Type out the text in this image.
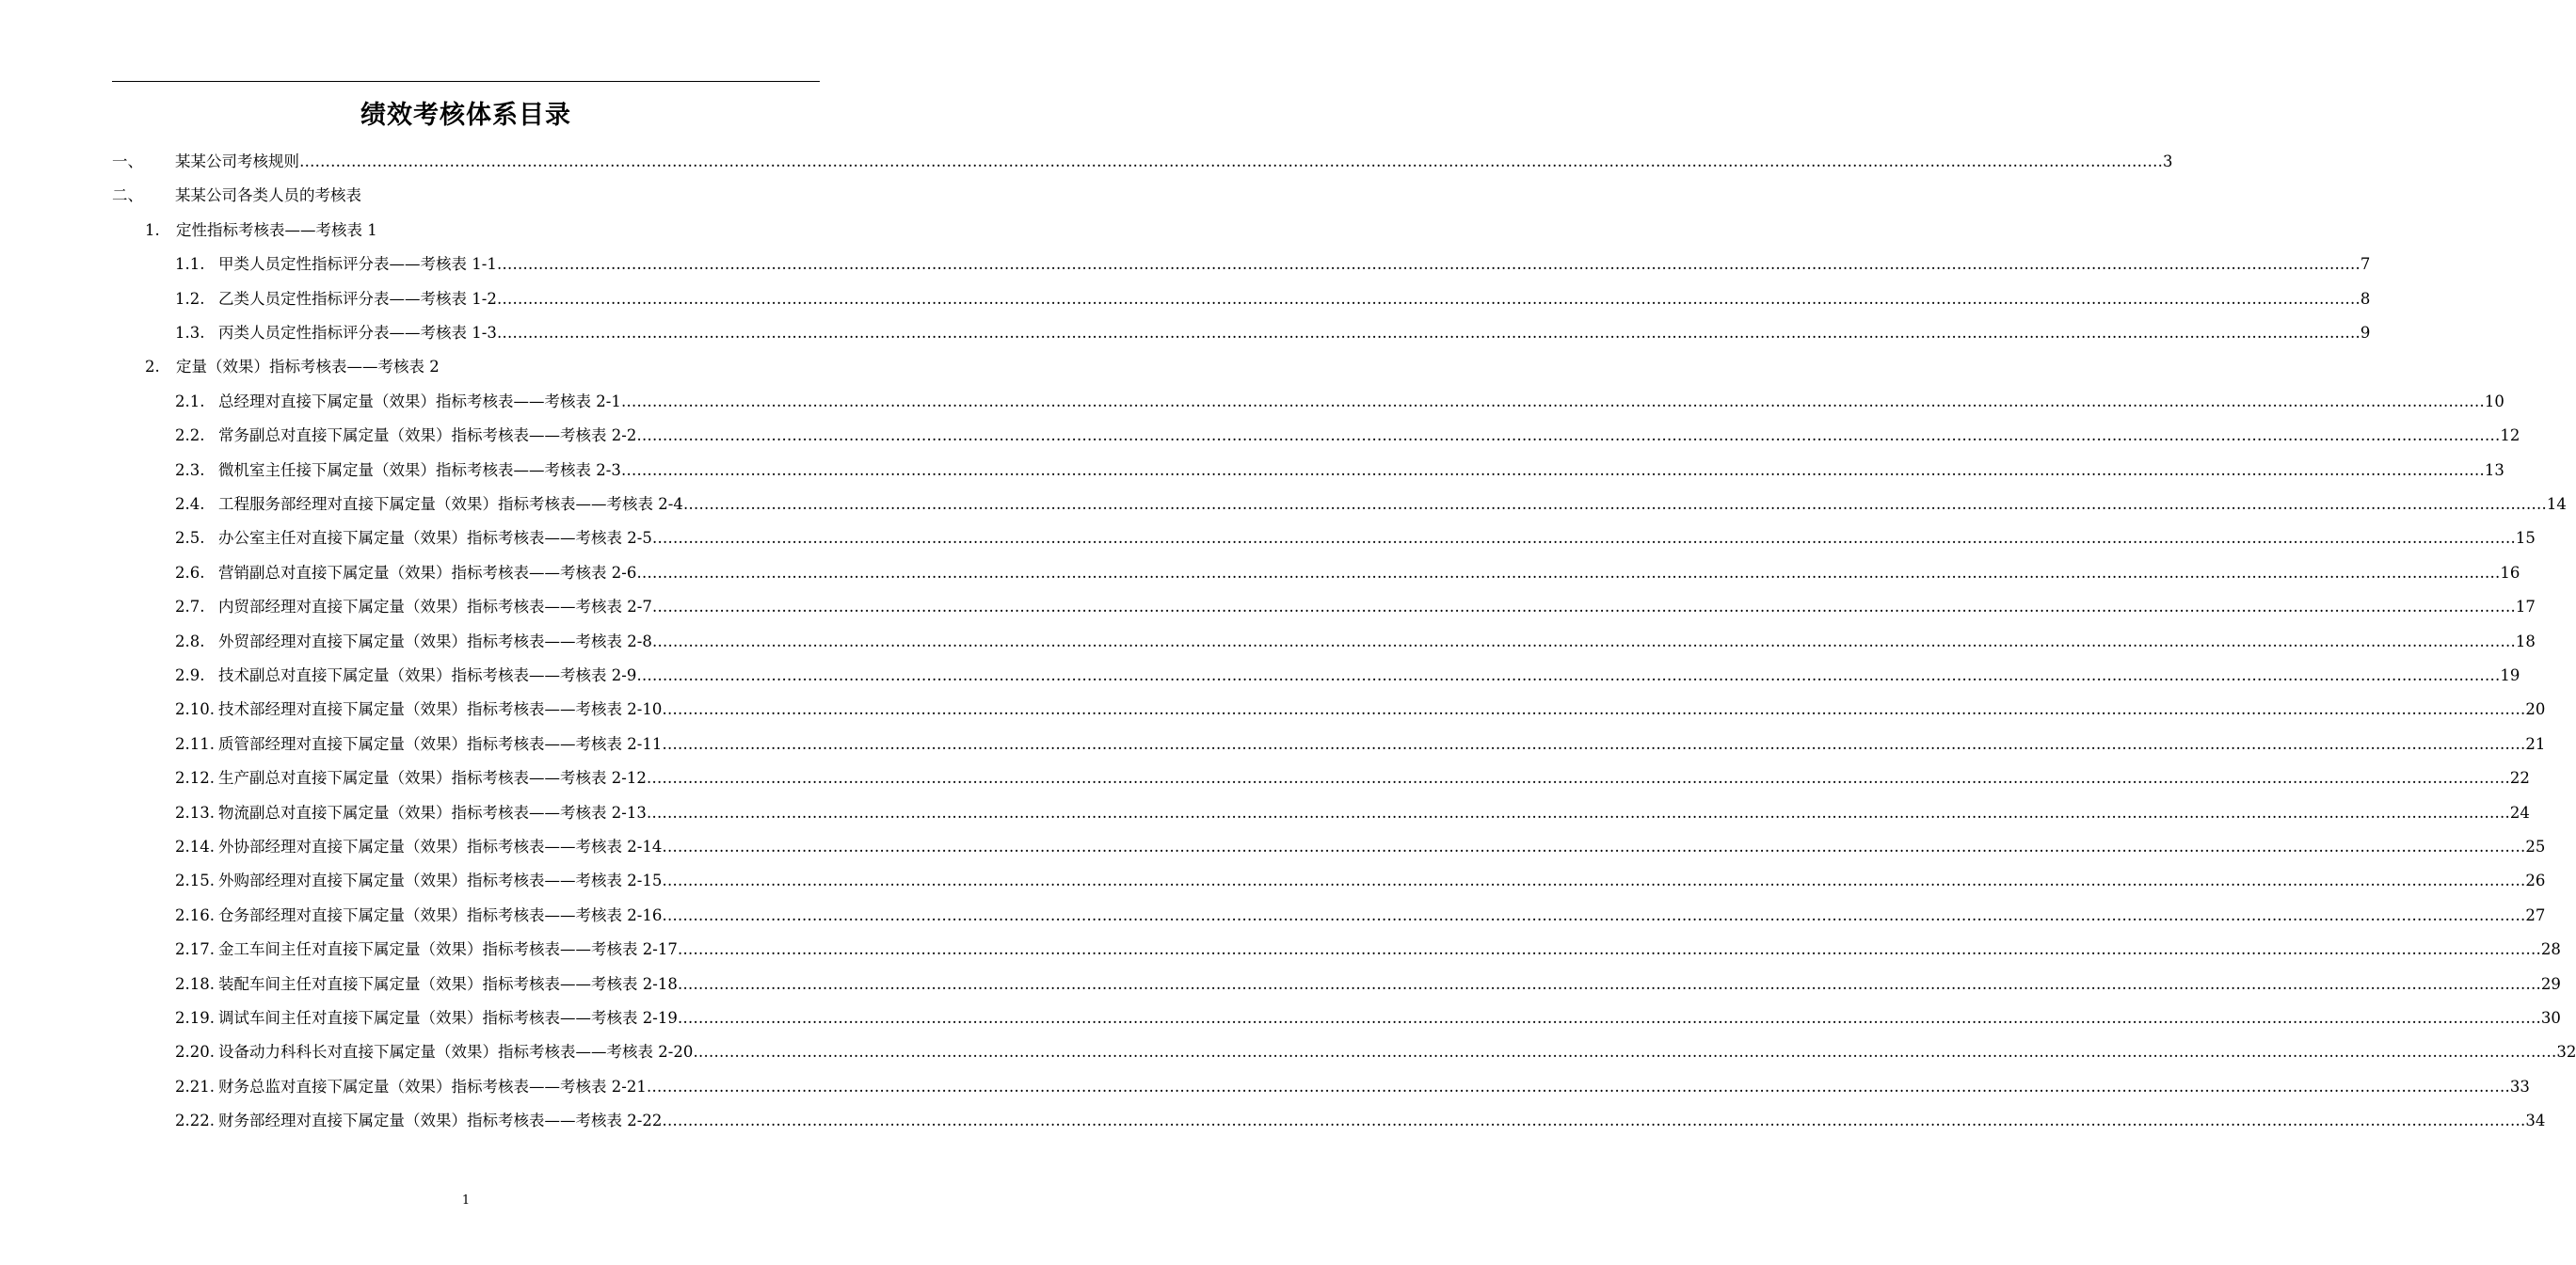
绩效考核体系目录
一、	某某公司考核规则 ……………………………………………………………………………………………………………………………………………………………………………………………………………………………………………………………………………………………………………………………… 3
二、	某某公司各类人员的考核表
1.	定性指标考核表——考核表 1
1.1. 甲类人员定性指标评分表——考核表 1-1 ……………………………………………………………………………………………………………………………………………………………………………………………………………………………………………………………………………………………………………………………… 7
1.2. 乙类人员定性指标评分表——考核表 1-2 ……………………………………………………………………………………………………………………………………………………………………………………………………………………………………………………………………………………………………………………………… 8
1.3. 丙类人员定性指标评分表——考核表 1-3 ……………………………………………………………………………………………………………………………………………………………………………………………………………………………………………………………………………………………………………………………… 9
2.	定量（效果）指标考核表——考核表 2
2.1. 总经理对直接下属定量（效果）指标考核表——考核表 2-1 ……………………………………………………………………………………………………………………………………………………………………………………………………………………………………………………………………………………………………………………………… 10
2.2. 常务副总对直接下属定量（效果）指标考核表——考核表 2-2 ……………………………………………………………………………………………………………………………………………………………………………………………………………………………………………………………………………………………………………………………… 12
2.3. 微机室主任接下属定量（效果）指标考核表——考核表 2-3 ……………………………………………………………………………………………………………………………………………………………………………………………………………………………………………………………………………………………………………………………… 13
2.4. 工程服务部经理对直接下属定量（效果）指标考核表——考核表 2-4 ……………………………………………………………………………………………………………………………………………………………………………………………………………………………………………………………………………………………………………………………… 14
2.5. 办公室主任对直接下属定量（效果）指标考核表——考核表 2-5 ……………………………………………………………………………………………………………………………………………………………………………………………………………………………………………………………………………………………………………………………… 15
2.6. 营销副总对直接下属定量（效果）指标考核表——考核表 2-6 ……………………………………………………………………………………………………………………………………………………………………………………………………………………………………………………………………………………………………………………………… 16
2.7. 内贸部经理对直接下属定量（效果）指标考核表——考核表 2-7 ……………………………………………………………………………………………………………………………………………………………………………………………………………………………………………………………………………………………………………………………… 17
2.8. 外贸部经理对直接下属定量（效果）指标考核表——考核表 2-8 ……………………………………………………………………………………………………………………………………………………………………………………………………………………………………………………………………………………………………………………………… 18
2.9. 技术副总对直接下属定量（效果）指标考核表——考核表 2-9 ……………………………………………………………………………………………………………………………………………………………………………………………………………………………………………………………………………………………………………………………… 19
2.10. 技术部经理对直接下属定量（效果）指标考核表——考核表 2-10 ……………………………………………………………………………………………………………………………………………………………………………………………………………………………………………………………………………………………………………………………… 20
2.11. 质管部经理对直接下属定量（效果）指标考核表——考核表 2-11 ……………………………………………………………………………………………………………………………………………………………………………………………………………………………………………………………………………………………………………………………… 21
2.12. 生产副总对直接下属定量（效果）指标考核表——考核表 2-12 ……………………………………………………………………………………………………………………………………………………………………………………………………………………………………………………………………………………………………………………………… 22
2.13. 物流副总对直接下属定量（效果）指标考核表——考核表 2-13 ……………………………………………………………………………………………………………………………………………………………………………………………………………………………………………………………………………………………………………………………… 24
2.14. 外协部经理对直接下属定量（效果）指标考核表——考核表 2-14 ……………………………………………………………………………………………………………………………………………………………………………………………………………………………………………………………………………………………………………………………… 25
2.15. 外购部经理对直接下属定量（效果）指标考核表——考核表 2-15 ……………………………………………………………………………………………………………………………………………………………………………………………………………………………………………………………………………………………………………………………… 26
2.16. 仓务部经理对直接下属定量（效果）指标考核表——考核表 2-16 ……………………………………………………………………………………………………………………………………………………………………………………………………………………………………………………………………………………………………………………………… 27
2.17. 金工车间主任对直接下属定量（效果）指标考核表——考核表 2-17 ……………………………………………………………………………………………………………………………………………………………………………………………………………………………………………………………………………………………………………………………… 28
2.18. 装配车间主任对直接下属定量（效果）指标考核表——考核表 2-18 ……………………………………………………………………………………………………………………………………………………………………………………………………………………………………………………………………………………………………………………………… 29
2.19. 调试车间主任对直接下属定量（效果）指标考核表——考核表 2-19 ……………………………………………………………………………………………………………………………………………………………………………………………………………………………………………………………………………………………………………………………… 30
2.20. 设备动力科科长对直接下属定量（效果）指标考核表——考核表 2-20 ……………………………………………………………………………………………………………………………………………………………………………………………………………………………………………………………………………………………………………………………… 32
2.21. 财务总监对直接下属定量（效果）指标考核表——考核表 2-21 ……………………………………………………………………………………………………………………………………………………………………………………………………………………………………………………………………………………………………………………………… 33
2.22. 财务部经理对直接下属定量（效果）指标考核表——考核表 2-22 ……………………………………………………………………………………………………………………………………………………………………………………………………………………………………………………………………………………………………………………………… 34
1
